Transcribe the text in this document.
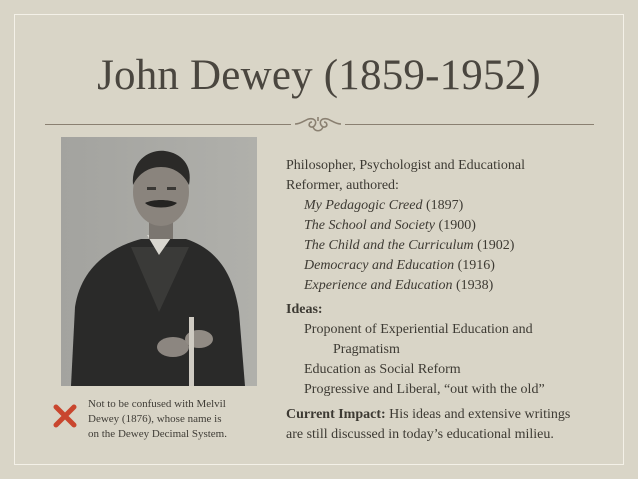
John Dewey (1859-1952)

Philosopher, Psychologist and Educational

Reformer, authored:

My Pedagogic Creed (1897)

The School and Society (1900)

The Child and the Curriculum (1902)

Democracy and Education (1916)

Experience and Education (1938)

Ideas:

Proponent of Experiential Education and

Pragmatism

Education as Social Reform

Progressive and Liberal, “out with the old”

Current Impact: His ideas and extensive writings

are still discussed in today’s educational milieu.

Not to be confused with Melvil
Dewey (1876), whose name is
on the Dewey Decimal System.
